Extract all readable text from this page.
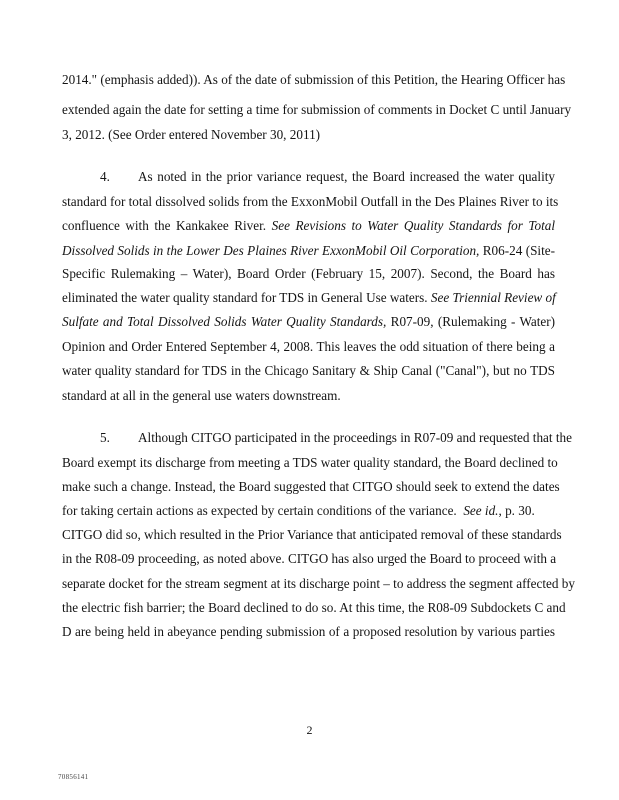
2014." (emphasis added)). As of the date of submission of this Petition, the Hearing Officer has
extended again the date for setting a time for submission of comments in Docket C until January
3, 2012. (See Order entered November 30, 2011)
4. As noted in the prior variance request, the Board increased the water quality
standard for total dissolved solids from the ExxonMobil Outfall in the Des Plaines River to its
confluence with the Kankakee River. See Revisions to Water Quality Standards for Total
Dissolved Solids in the Lower Des Plaines River ExxonMobil Oil Corporation, R06-24 (Site-
Specific Rulemaking – Water), Board Order (February 15, 2007). Second, the Board has
eliminated the water quality standard for TDS in General Use waters. See Triennial Review of
Sulfate and Total Dissolved Solids Water Quality Standards, R07-09, (Rulemaking - Water)
Opinion and Order Entered September 4, 2008. This leaves the odd situation of there being a
water quality standard for TDS in the Chicago Sanitary & Ship Canal ("Canal"), but no TDS
standard at all in the general use waters downstream.
5. Although CITGO participated in the proceedings in R07-09 and requested that the
Board exempt its discharge from meeting a TDS water quality standard, the Board declined to
make such a change. Instead, the Board suggested that CITGO should seek to extend the dates
for taking certain actions as expected by certain conditions of the variance. See id., p. 30.
CITGO did so, which resulted in the Prior Variance that anticipated removal of these standards
in the R08-09 proceeding, as noted above. CITGO has also urged the Board to proceed with a
separate docket for the stream segment at its discharge point – to address the segment affected by
the electric fish barrier; the Board declined to do so. At this time, the R08-09 Subdockets C and
D are being held in abeyance pending submission of a proposed resolution by various parties
2
70856141
